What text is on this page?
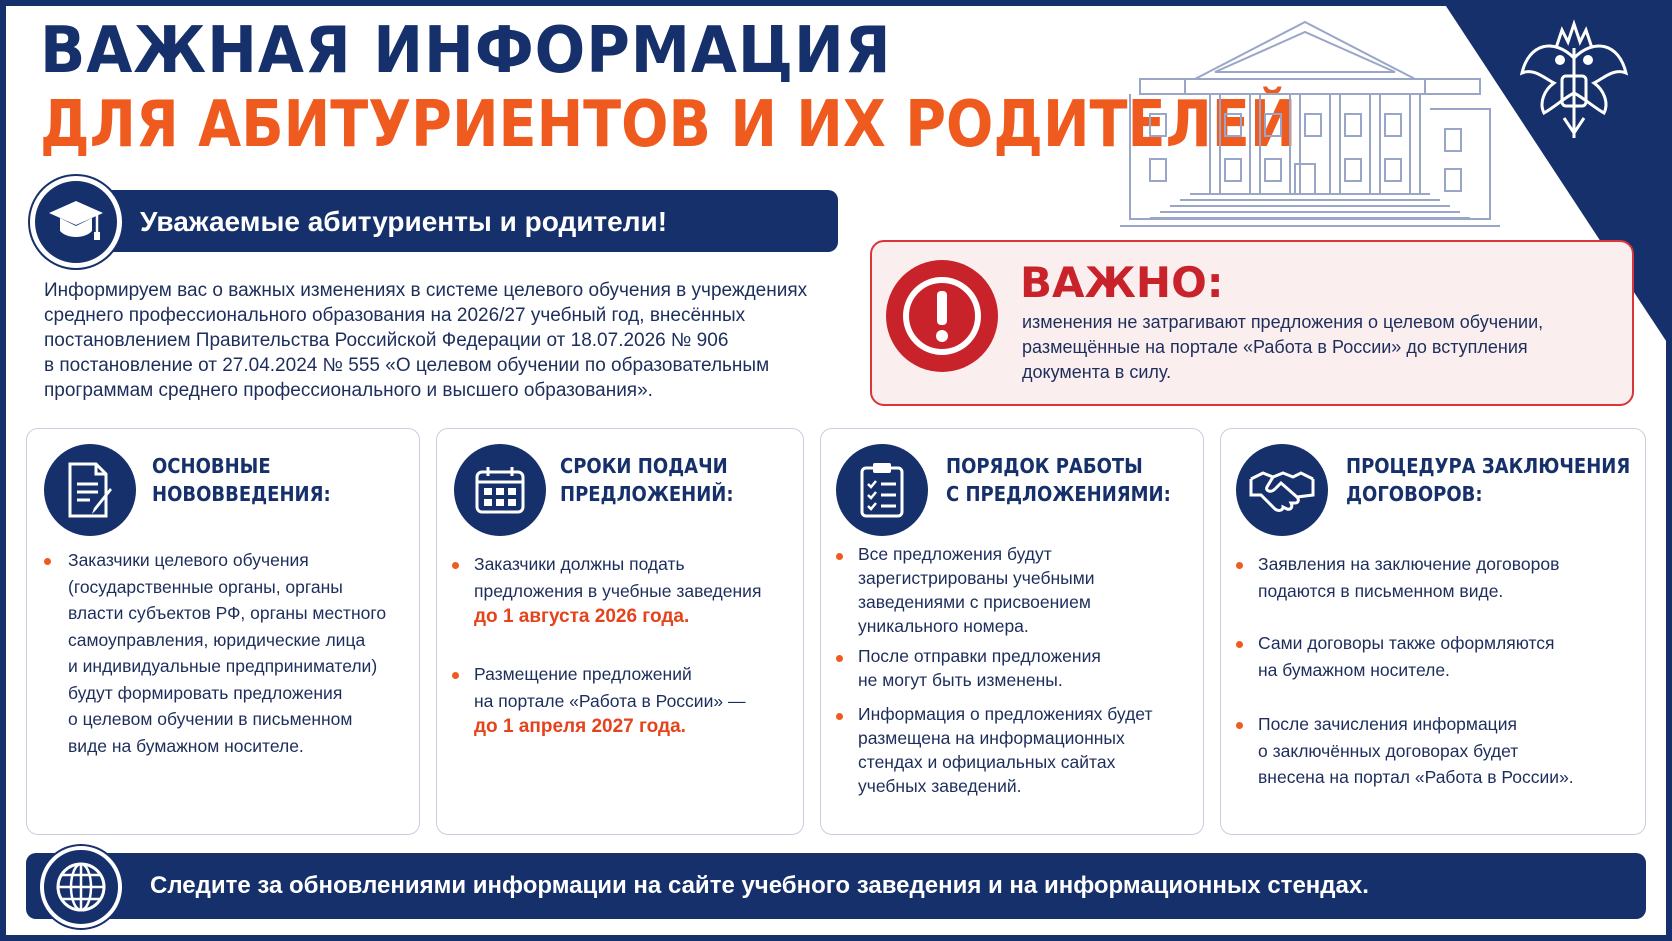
ВАЖНАЯ ИНФОРМАЦИЯ
ДЛЯ АБИТУРИЕНТОВ И ИХ РОДИТЕЛЕЙ
Уважаемые абитуриенты и родители!
Информируем вас о важных изменениях в системе целевого обучения в учреждениях
среднего профессионального образования на 2026/27 учебный год, внесённых
постановлением Правительства Российской Федерации от 18.07.2026 № 906
в постановление от 27.04.2024 № 555 «О целевом обучении по образовательным
программам среднего профессионального и высшего образования».
ВАЖНО:
изменения не затрагивают предложения о целевом обучении,
размещённые на портале «Работа в России» до вступления
документа в силу.
ОСНОВНЫЕ
НОВОВВЕДЕНИЯ:
Заказчики целевого обучения
(государственные органы, органы
власти субъектов РФ, органы местного
самоуправления, юридические лица
и индивидуальные предприниматели)
будут формировать предложения
о целевом обучении в письменном
виде на бумажном носителе.
СРОКИ ПОДАЧИ
ПРЕДЛОЖЕНИЙ:
Заказчики должны подать
предложения в учебные заведения
до 1 августа 2026 года.
Размещение предложений
на портале «Работа в России» —
до 1 апреля 2027 года.
ПОРЯДОК РАБОТЫ
С ПРЕДЛОЖЕНИЯМИ:
Все предложения будут
зарегистрированы учебными
заведениями с присвоением
уникального номера.
После отправки предложения
не могут быть изменены.
Информация о предложениях будет
размещена на информационных
стендах и официальных сайтах
учебных заведений.
ПРОЦЕДУРА ЗАКЛЮЧЕНИЯ
ДОГОВОРОВ:
Заявления на заключение договоров
подаются в письменном виде.
Сами договоры также оформляются
на бумажном носителе.
После зачисления информация
о заключённых договорах будет
внесена на портал «Работа в России».
Следите за обновлениями информации на сайте учебного заведения и на информационных стендах.
